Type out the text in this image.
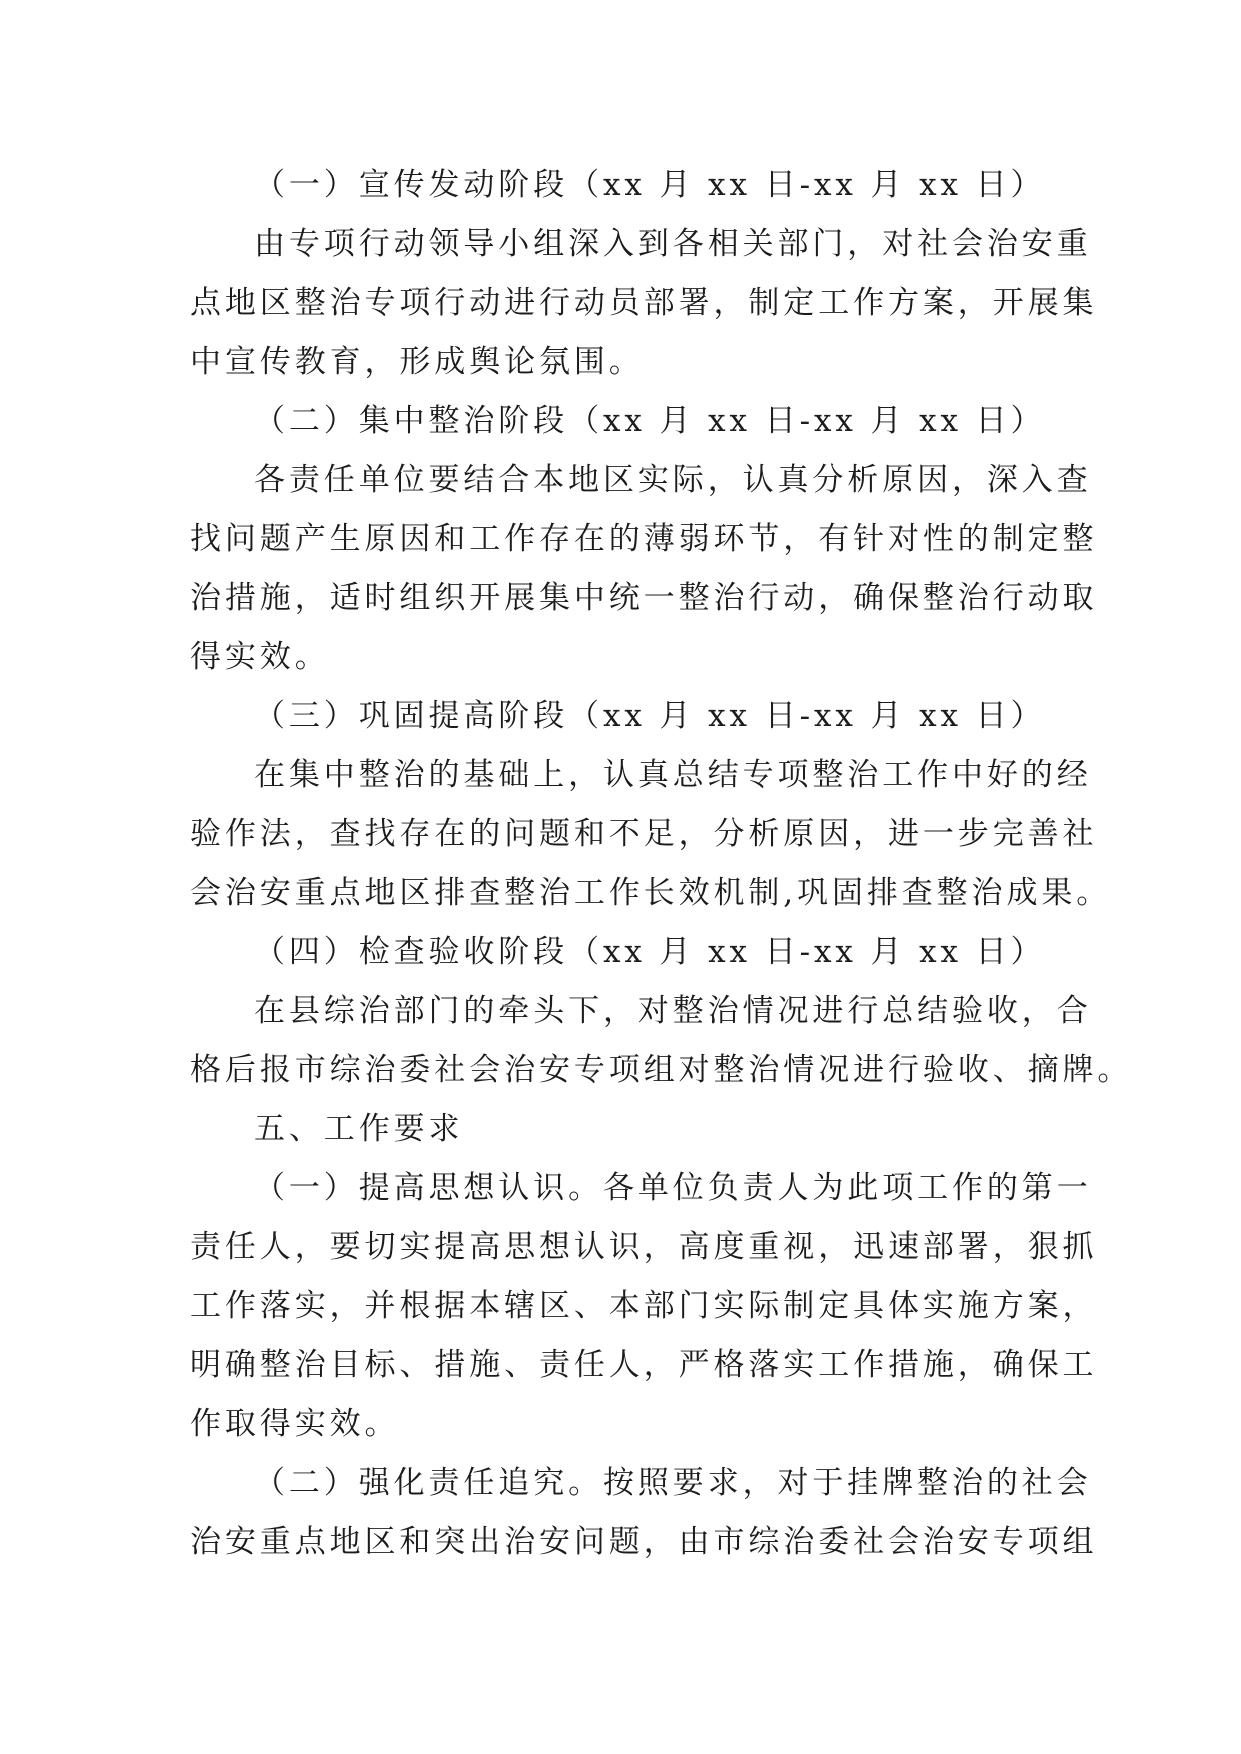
（一）宣传发动阶段（xx 月 xx 日-xx 月 xx 日）
由专项行动领导小组深入到各相关部门，对社会治安重
点地区整治专项行动进行动员部署，制定工作方案，开展集
中宣传教育，形成舆论氛围。
（二）集中整治阶段（xx 月 xx 日-xx 月 xx 日）
各责任单位要结合本地区实际，认真分析原因，深入查
找问题产生原因和工作存在的薄弱环节，有针对性的制定整
治措施，适时组织开展集中统一整治行动，确保整治行动取
得实效。
（三）巩固提高阶段（xx 月 xx 日-xx 月 xx 日）
在集中整治的基础上，认真总结专项整治工作中好的经
验作法，查找存在的问题和不足，分析原因，进一步完善社
会治安重点地区排查整治工作长效机制,巩固排查整治成果。
（四）检查验收阶段（xx 月 xx 日-xx 月 xx 日）
在县综治部门的牵头下，对整治情况进行总结验收，合
格后报市综治委社会治安专项组对整治情况进行验收、摘牌。
五、工作要求
（一）提高思想认识。各单位负责人为此项工作的第一
责任人，要切实提高思想认识，高度重视，迅速部署，狠抓
工作落实，并根据本辖区、本部门实际制定具体实施方案，
明确整治目标、措施、责任人，严格落实工作措施，确保工
作取得实效。
（二）强化责任追究。按照要求，对于挂牌整治的社会
治安重点地区和突出治安问题，由市综治委社会治安专项组
